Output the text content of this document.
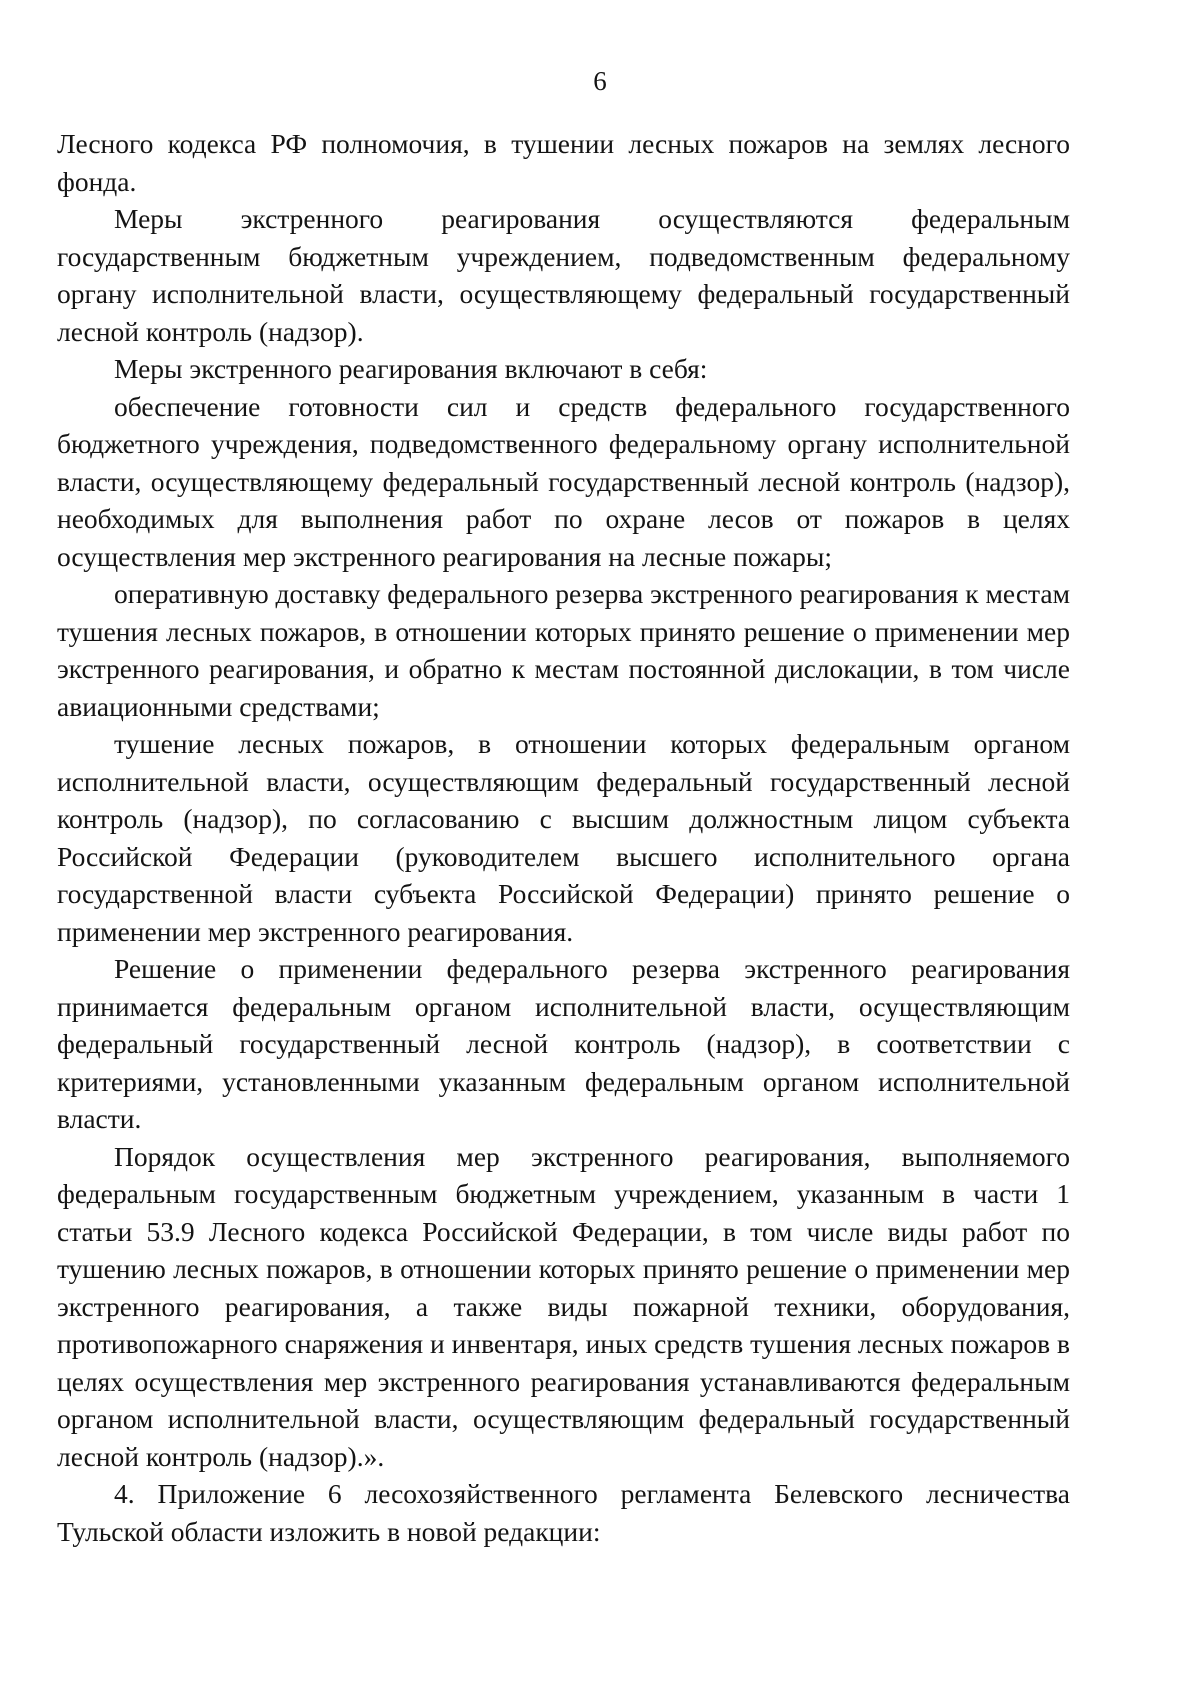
6

Лесного кодекса РФ полномочия, в тушении лесных пожаров на землях лесного фонда.

Меры экстренного реагирования осуществляются федеральным государственным бюджетным учреждением, подведомственным федеральному органу исполнительной власти, осуществляющему федеральный государственный лесной контроль (надзор).

Меры экстренного реагирования включают в себя:

обеспечение готовности сил и средств федерального государственного бюджетного учреждения, подведомственного федеральному органу исполнительной власти, осуществляющему федеральный государственный лесной контроль (надзор), необходимых для выполнения работ по охране лесов от пожаров в целях осуществления мер экстренного реагирования на лесные пожары;

оперативную доставку федерального резерва экстренного реагирования к местам тушения лесных пожаров, в отношении которых принято решение о применении мер экстренного реагирования, и обратно к местам постоянной дислокации, в том числе авиационными средствами;

тушение лесных пожаров, в отношении которых федеральным органом исполнительной власти, осуществляющим федеральный государственный лесной контроль (надзор), по согласованию с высшим должностным лицом субъекта Российской Федерации (руководителем высшего исполнительного органа государственной власти субъекта Российской Федерации) принято решение о применении мер экстренного реагирования.

Решение о применении федерального резерва экстренного реагирования принимается федеральным органом исполнительной власти, осуществляющим федеральный государственный лесной контроль (надзор), в соответствии с критериями, установленными указанным федеральным органом исполнительной власти.

Порядок осуществления мер экстренного реагирования, выполняемого федеральным государственным бюджетным учреждением, указанным в части 1 статьи 53.9 Лесного кодекса Российской Федерации, в том числе виды работ по тушению лесных пожаров, в отношении которых принято решение о применении мер экстренного реагирования, а также виды пожарной техники, оборудования, противопожарного снаряжения и инвентаря, иных средств тушения лесных пожаров в целях осуществления мер экстренного реагирования устанавливаются федеральным органом исполнительной власти, осуществляющим федеральный государственный лесной контроль (надзор).».

4. Приложение 6 лесохозяйственного регламента Белевского лесничества Тульской области изложить в новой редакции:
